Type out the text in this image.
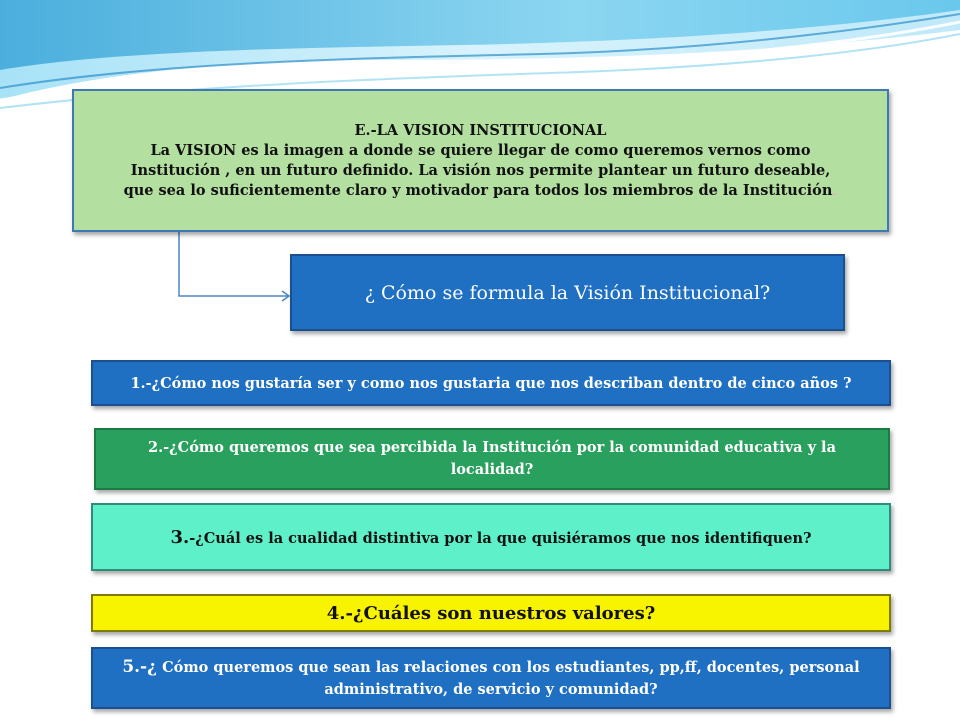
E.-LA VISION INSTITUCIONAL
La VISION es la imagen a donde se quiere llegar de como queremos vernos como
Institución , en un futuro definido. La visión nos permite plantear un futuro deseable,
que sea lo suficientemente claro y motivador para todos los miembros de la Institución.
¿ Cómo se formula la Visión Institucional?
1.-¿Cómo nos gustaría ser y como nos gustaria que nos describan dentro de cinco años ?
2.-¿Cómo queremos que sea percibida la Institución por la comunidad educativa y la localidad?
3.-¿Cuál es la cualidad distintiva por la que quisiéramos que nos identifiquen?
4.-¿Cuáles son nuestros valores?
5.-¿ Cómo queremos que sean las relaciones con los estudiantes, pp,ff, docentes, personal administrativo, de servicio y comunidad?
